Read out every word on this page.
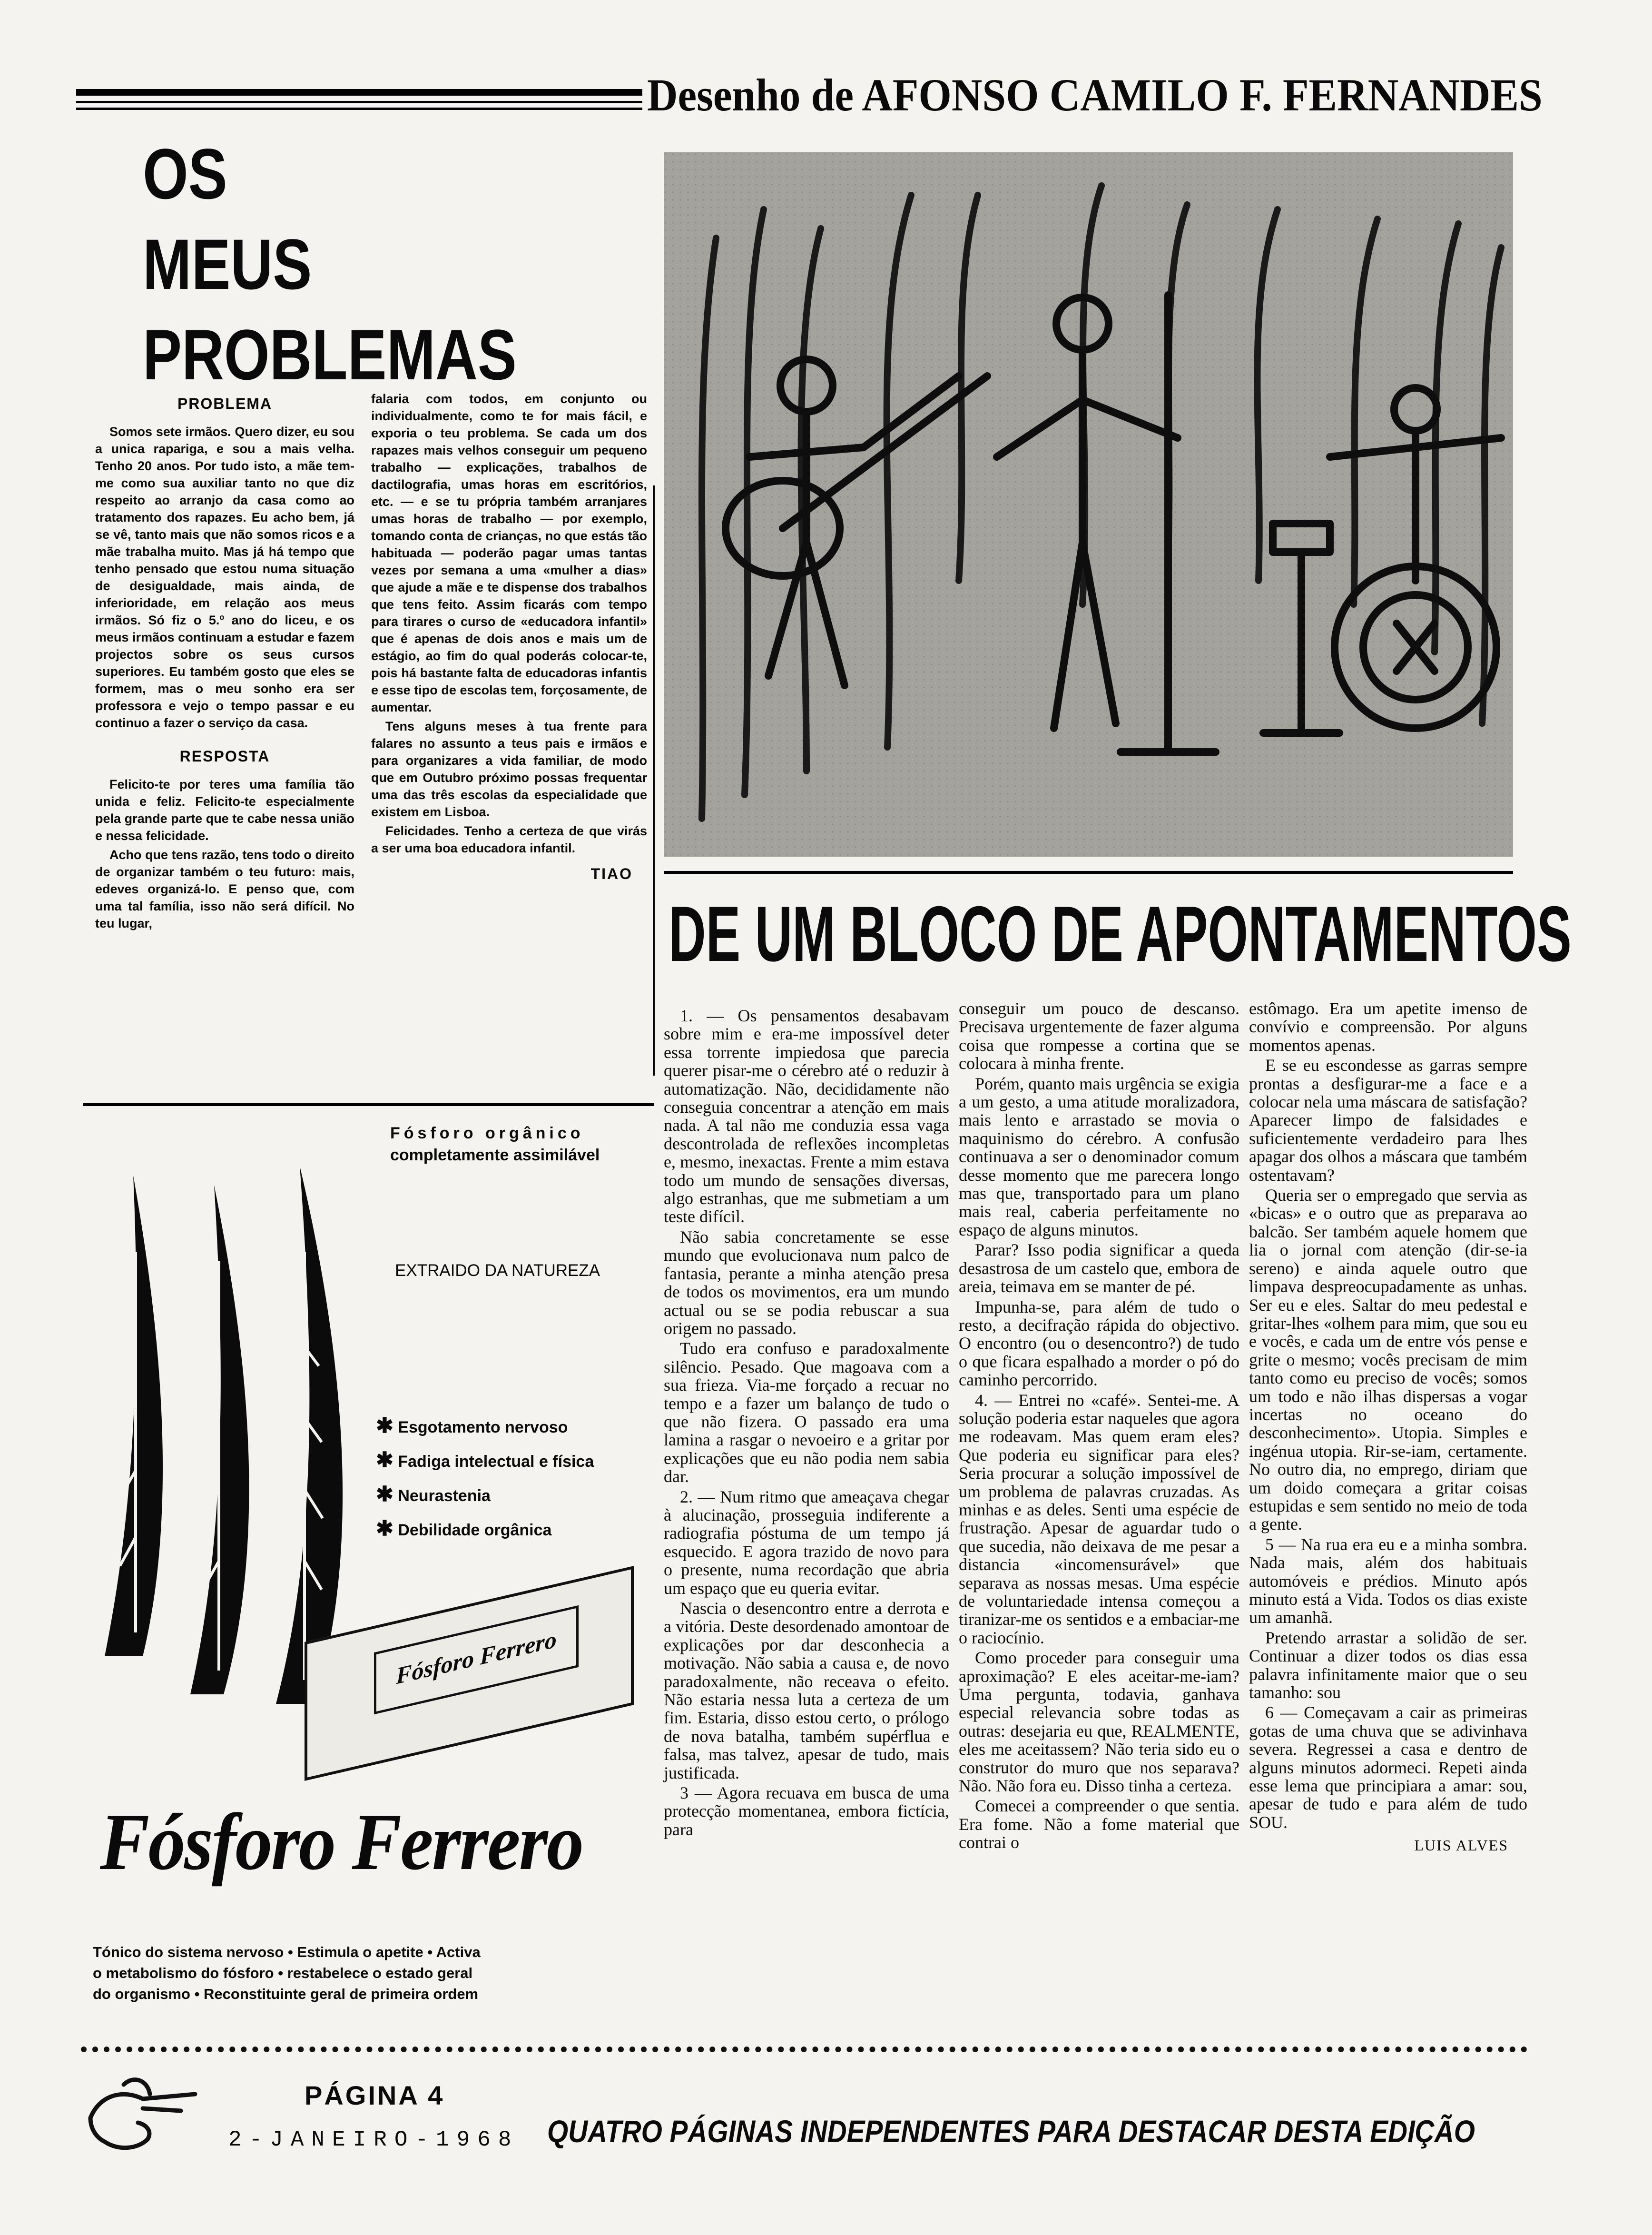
Desenho de AFONSO CAMILO F. FERNANDES
OS
MEUS
PROBLEMAS
PROBLEMA

Somos sete irmãos. Quero dizer, eu sou a unica rapariga, e sou a mais velha. Tenho 20 anos. Por tudo isto, a mãe tem-me como sua auxiliar tanto no que diz respeito ao arranjo da casa como ao tratamento dos rapazes. Eu acho bem, já se vê, tanto mais que não somos ricos e a mãe trabalha muito. Mas já há tempo que tenho pensado que estou numa situação de desigualdade, mais ainda, de inferioridade, em relação aos meus irmãos. Só fiz o 5.º ano do liceu, e os meus irmãos continuam a estudar e fazem projectos sobre os seus cursos superiores. Eu também gosto que eles se formem, mas o meu sonho era ser professora e vejo o tempo passar e eu continuo a fazer o serviço da casa.

RESPOSTA

Felicito-te por teres uma família tão unida e feliz. Felicito-te especialmente pela grande parte que te cabe nessa união e nessa felicidade.

Acho que tens razão, tens todo o direito de organizar também o teu futuro: mais, edeves organizá-lo. E penso que, com uma tal família, isso não será difícil. No teu lugar,

falaria com todos, em conjunto ou individualmente, como te for mais fácil, e exporia o teu problema. Se cada um dos rapazes mais velhos conseguir um pequeno trabalho — explicações, trabalhos de dactilografia, umas horas em escritórios, etc. — e se tu própria também arranjares umas horas de trabalho — por exemplo, tomando conta de crianças, no que estás tão habituada — poderão pagar umas tantas vezes por semana a uma «mulher a dias» que ajude a mãe e te dispense dos trabalhos que tens feito. Assim ficarás com tempo para tirares o curso de «educadora infantil» que é apenas de dois anos e mais um de estágio, ao fim do qual poderás colocar-te, pois há bastante falta de educadoras infantis e esse tipo de escolas tem, forçosamente, de aumentar.

Tens alguns meses à tua frente para falares no assunto a teus pais e irmãos e para organizares a vida familiar, de modo que em Outubro próximo possas frequentar uma das três escolas da especialidade que existem em Lisboa.

Felicidades. Tenho a certeza de que virás a ser uma boa educadora infantil.

TIAO
DE UM BLOCO DE APONTAMENTOS

1. — Os pensamentos desabavam sobre mim e era-me impossível deter essa torrente impiedosa que parecia querer pisar-me o cérebro até o reduzir à automatização. Não, decididamente não conseguia concentrar a atenção em mais nada. A tal não me conduzia essa vaga descontrolada de reflexões incompletas e, mesmo, inexactas. Frente a mim estava todo um mundo de sensações diversas, algo estranhas, que me submetiam a um teste difícil.

Não sabia concretamente se esse mundo que evolucionava num palco de fantasia, perante a minha atenção presa de todos os movimentos, era um mundo actual ou se se podia rebuscar a sua origem no passado.

Tudo era confuso e paradoxalmente silêncio. Pesado. Que magoava com a sua frieza. Via-me forçado a recuar no tempo e a fazer um balanço de tudo o que não fizera. O passado era uma lamina a rasgar o nevoeiro e a gritar por explicações que eu não podia nem sabia dar.

2. — Num ritmo que ameaçava chegar à alucinação, prosseguia indiferente a radiografia póstuma de um tempo já esquecido. E agora trazido de novo para o presente, numa recordação que abria um espaço que eu queria evitar.

Nascia o desencontro entre a derrota e a vitória. Deste desordenado amontoar de explicações por dar desconhecia a motivação. Não sabia a causa e, de novo paradoxalmente, não receava o efeito. Não estaria nessa luta a certeza de um fim. Estaria, disso estou certo, o prólogo de nova batalha, também supérflua e falsa, mas talvez, apesar de tudo, mais justificada.

3 — Agora recuava em busca de uma protecção momentanea, embora fictícia, para

conseguir um pouco de descanso. Precisava urgentemente de fazer alguma coisa que rompesse a cortina que se colocara à minha frente.

Porém, quanto mais urgência se exigia a um gesto, a uma atitude moralizadora, mais lento e arrastado se movia o maquinismo do cérebro. A confusão continuava a ser o denominador comum desse momento que me parecera longo mas que, transportado para um plano mais real, caberia perfeitamente no espaço de alguns minutos.

Parar? Isso podia significar a queda desastrosa de um castelo que, embora de areia, teimava em se manter de pé.

Impunha-se, para além de tudo o resto, a decifração rápida do objectivo. O encontro (ou o desencontro?) de tudo o que ficara espalhado a morder o pó do caminho percorrido.

4. — Entrei no «café». Sentei-me. A solução poderia estar naqueles que agora me rodeavam. Mas quem eram eles? Que poderia eu significar para eles? Seria procurar a solução impossível de um problema de palavras cruzadas. As minhas e as deles. Senti uma espécie de frustração. Apesar de aguardar tudo o que sucedia, não deixava de me pesar a distancia «incomensurável» que separava as nossas mesas. Uma espécie de voluntariedade intensa começou a tiranizar-me os sentidos e a embaciar-me o raciocínio.

Como proceder para conseguir uma aproximação? E eles aceitar-me-iam? Uma pergunta, todavia, ganhava especial relevancia sobre todas as outras: desejaria eu que, REALMENTE, eles me aceitassem? Não teria sido eu o construtor do muro que nos separava? Não. Não fora eu. Disso tinha a certeza.

Comecei a compreender o que sentia. Era fome. Não a fome material que contrai o

estômago. Era um apetite imenso de convívio e compreensão. Por alguns momentos apenas.

E se eu escondesse as garras sempre prontas a desfigurar-me a face e a colocar nela uma máscara de satisfação? Aparecer limpo de falsidades e suficientemente verdadeiro para lhes apagar dos olhos a máscara que também ostentavam?

Queria ser o empregado que servia as «bicas» e o outro que as preparava ao balcão. Ser também aquele homem que lia o jornal com atenção (dir-se-ia sereno) e ainda aquele outro que limpava despreocupadamente as unhas. Ser eu e eles. Saltar do meu pedestal e gritar-lhes «olhem para mim, que sou eu e vocês, e cada um de entre vós pense e grite o mesmo; vocês precisam de mim tanto como eu preciso de vocês; somos um todo e não ilhas dispersas a vogar incertas no oceano do desconhecimento». Utopia. Simples e ingénua utopia. Rir-se-iam, certamente. No outro dia, no emprego, diriam que um doido começara a gritar coisas estupidas e sem sentido no meio de toda a gente.

5 — Na rua era eu e a minha sombra. Nada mais, além dos habituais automóveis e prédios. Minuto após minuto está a Vida. Todos os dias existe um amanhã.

Pretendo arrastar a solidão de ser. Continuar a dizer todos os dias essa palavra infinitamente maior que o seu tamanho: sou

6 — Começavam a cair as primeiras gotas de uma chuva que se adivinhava severa. Regressei a casa e dentro de alguns minutos adormeci. Repeti ainda esse lema que principiara a amar: sou, apesar de tudo e para além de tudo SOU.

LUIS ALVES
Fósforo orgânico
completamente assimilável
EXTRAIDO DA NATUREZA
✱ Esgotamento nervoso
✱ Fadiga intelectual e física
✱ Neurastenia
✱ Debilidade orgânica
Fósforo Ferrero
Fósforo Ferrero
Tónico do sistema nervoso • Estimula o apetite • Activa
o metabolismo do fósforo • restabelece o estado geral
do organismo • Reconstituinte geral de primeira ordem
PÁGINA 4
2-JANEIRO-1968 QUATRO PÁGINAS INDEPENDENTES PARA DESTACAR DESTA EDIÇÃO
